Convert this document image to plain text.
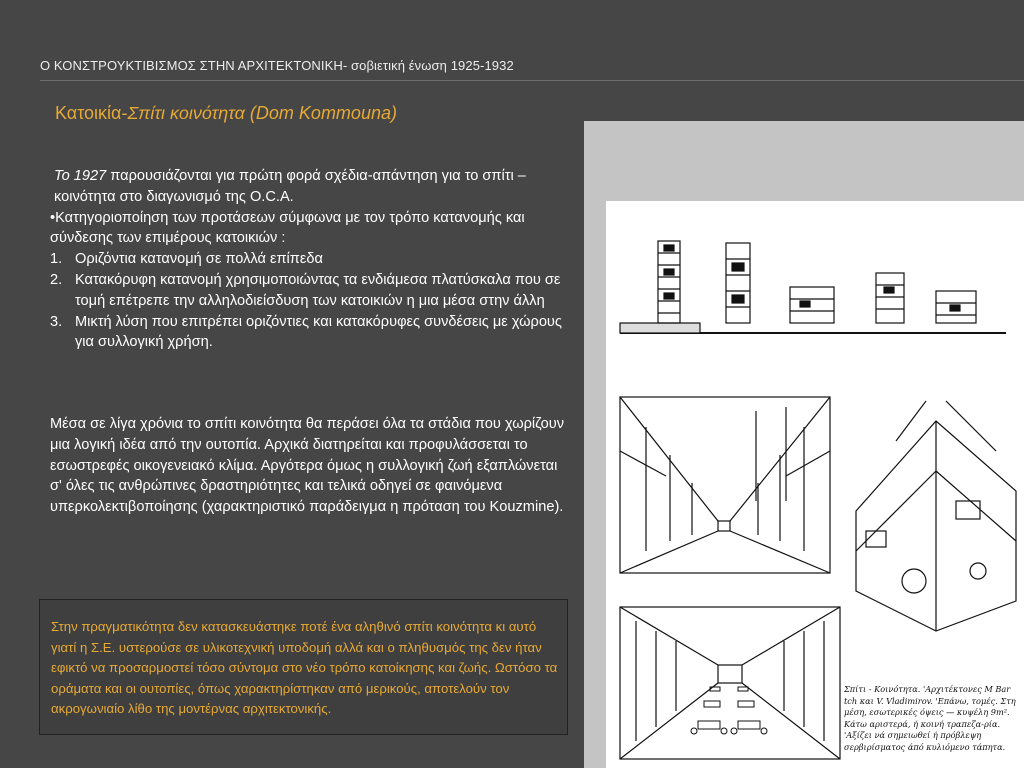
Ο ΚΟΝΣΤΡΟΥΚΤΙΒΙΣΜΟΣ ΣΤΗΝ ΑΡΧΙΤΕΚΤΟΝΙΚΗ- σοβιετική ένωση 1925-1932
Κατοικία-Σπίτι κοινότητα (Dom Kommouna)

Το 1927 παρουσιάζονται για πρώτη φορά σχέδια-απάντηση για το σπίτι –κοινότητα στο διαγωνισμό της Ο.C.A.

•Κατηγοριοποίηση των προτάσεων σύμφωνα με τον τρόπο κατανομής και σύνδεσης των επιμέρους κατοικιών :

1. Οριζόντια κατανομή σε πολλά επίπεδα
2. Κατακόρυφη κατανομή χρησιμοποιώντας τα ενδιάμεσα πλατύσκαλα που σε τομή επέτρεπε την αλληλοδιείσδυση των κατοικιών η μια μέσα στην άλλη
3. Μικτή λύση που επιτρέπει οριζόντιες και κατακόρυφες συνδέσεις με χώρους για συλλογική χρήση.

Μέσα σε λίγα χρόνια το σπίτι κοινότητα θα περάσει όλα τα στάδια που χωρίζουν μια λογική ιδέα από την ουτοπία. Αρχικά διατηρείται και προφυλάσσεται το εσωστρεφές οικογενειακό κλίμα. Αργότερα όμως η συλλογική ζωή εξαπλώνεται σ' όλες τις ανθρώπινες δραστηριότητες και τελικά οδηγεί σε φαινόμενα υπερκολεκτιβοποίησης (χαρακτηριστικό παράδειγμα η πρόταση του Kouzmine).

Στην πραγματικότητα δεν κατασκευάστηκε ποτέ ένα αληθινό σπίτι κοινότητα κι αυτό γιατί η Σ.Ε. υστερούσε σε υλικοτεχνική υποδομή αλλά και ο πληθυσμός της δεν ήταν εφικτό να προσαρμοστεί τόσο σύντομα στο νέο τρόπο κατοίκησης και ζωής. Ωστόσο τα οράματα και οι ουτοπίες, όπως χαρακτηρίστηκαν από μερικούς, αποτελούν τον ακρογωνιαίο λίθο της μοντέρνας αρχιτεκτονικής.
Σπίτι - Κοινότητα. 'Αρχιτέκτονες M Bar tch και V. Vladimirov. 'Επάνω, τομές. Στη μέση, εσωτερικές όψεις — κυψέλη 9m². Κάτω αριστερά, ή κοινή τραπεζα-ρία. 'Αξίζει νά σημειωθεί ή πρόβλεψη σερβιρίσματος άπό κυλιόμενο τάπητα.
